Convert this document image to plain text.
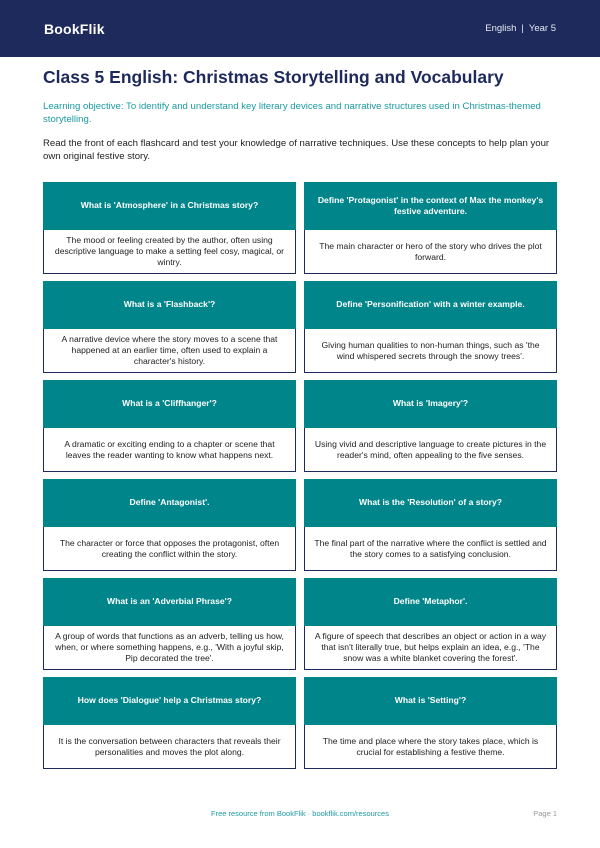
BookFlik	English | Year 5
Class 5 English: Christmas Storytelling and Vocabulary

Learning objective: To identify and understand key literary devices and narrative structures used in Christmas-themed storytelling.

Read the front of each flashcard and test your knowledge of narrative techniques. Use these concepts to help plan your own original festive story.

What is 'Atmosphere' in a Christmas story?
The mood or feeling created by the author, often using descriptive language to make a setting feel cosy, magical, or wintry.
Define 'Protagonist' in the context of Max the monkey's festive adventure.
The main character or hero of the story who drives the plot forward.
What is a 'Flashback'?
A narrative device where the story moves to a scene that happened at an earlier time, often used to explain a character's history.
Define 'Personification' with a winter example.
Giving human qualities to non-human things, such as 'the wind whispered secrets through the snowy trees'.
What is a 'Cliffhanger'?
A dramatic or exciting ending to a chapter or scene that leaves the reader wanting to know what happens next.
What is 'Imagery'?
Using vivid and descriptive language to create pictures in the reader's mind, often appealing to the five senses.
Define 'Antagonist'.
The character or force that opposes the protagonist, often creating the conflict within the story.
What is the 'Resolution' of a story?
The final part of the narrative where the conflict is settled and the story comes to a satisfying conclusion.
What is an 'Adverbial Phrase'?
A group of words that functions as an adverb, telling us how, when, or where something happens, e.g., 'With a joyful skip, Pip decorated the tree'.
Define 'Metaphor'.
A figure of speech that describes an object or action in a way that isn't literally true, but helps explain an idea, e.g., 'The snow was a white blanket covering the forest'.
How does 'Dialogue' help a Christmas story?
It is the conversation between characters that reveals their personalities and moves the plot along.
What is 'Setting'?
The time and place where the story takes place, which is crucial for establishing a festive theme.
Free resource from BookFlik · bookflik.com/resources	Page 1
